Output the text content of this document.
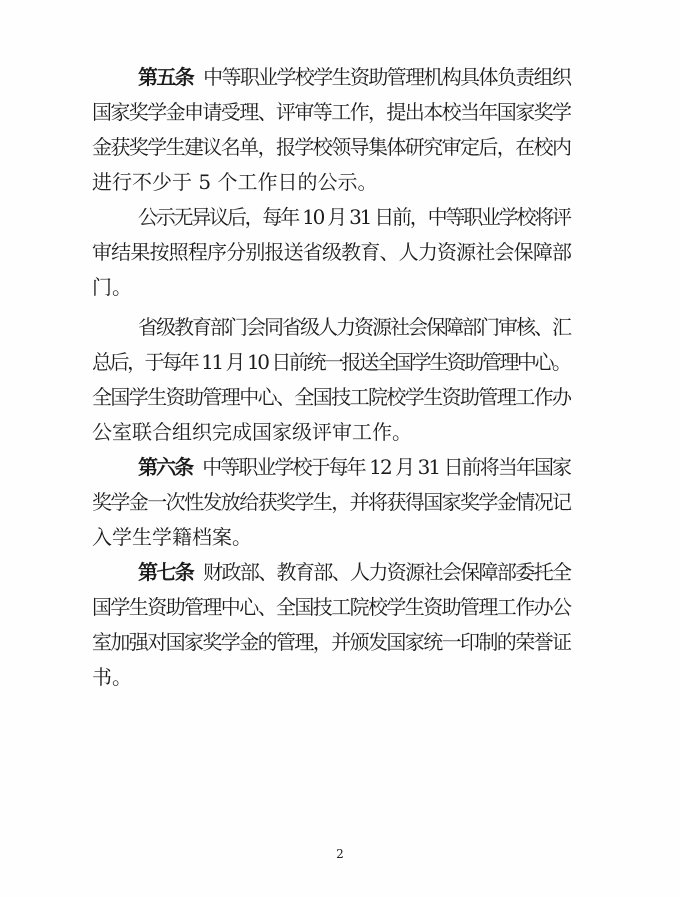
第五条 中等职业学校学生资助管理机构具体负责组织
国家奖学金申请受理、评审等工作，提出本校当年国家奖学
金获奖学生建议名单，报学校领导集体研究审定后，在校内
进行不少于 5 个工作日的公示。
公示无异议后，每年 10 月 31 日前，中等职业学校将评
审结果按照程序分别报送省级教育、人力资源社会保障部
门。
省级教育部门会同省级人力资源社会保障部门审核、汇
总后，于每年 11 月 10 日前统一报送全国学生资助管理中心。
全国学生资助管理中心、全国技工院校学生资助管理工作办
公室联合组织完成国家级评审工作。
第六条 中等职业学校于每年 12 月 31 日前将当年国家
奖学金一次性发放给获奖学生，并将获得国家奖学金情况记
入学生学籍档案。
第七条 财政部、教育部、人力资源社会保障部委托全
国学生资助管理中心、全国技工院校学生资助管理工作办公
室加强对国家奖学金的管理，并颁发国家统一印制的荣誉证
书。
2
